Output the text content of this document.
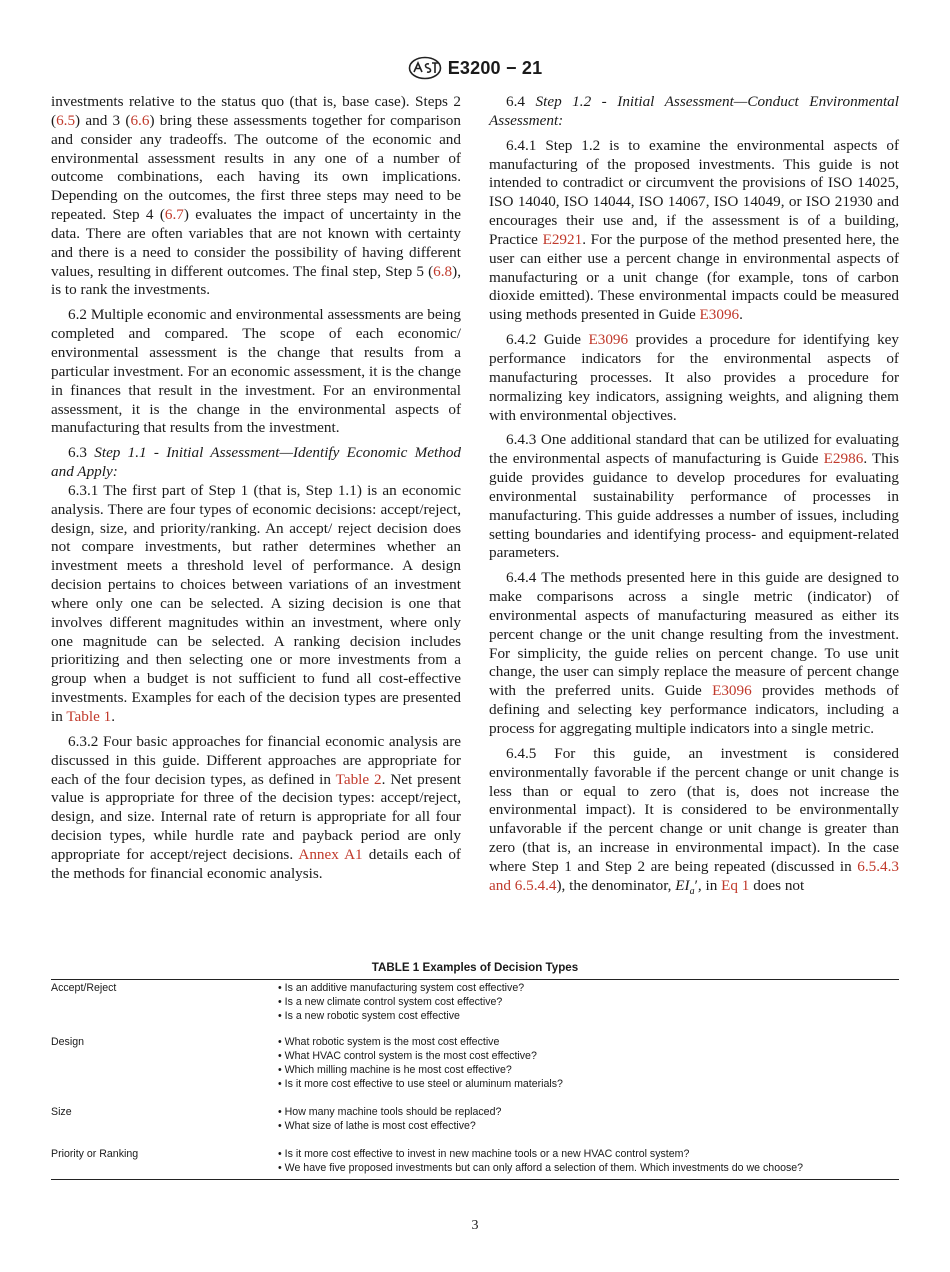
E3200 − 21

investments relative to the status quo (that is, base case). Steps 2 (6.5) and 3 (6.6) bring these assessments together for comparison and consider any tradeoffs. The outcome of the economic and environmental assessment results in any one of a number of outcome combinations, each having its own implications. Depending on the outcomes, the first three steps may need to be repeated. Step 4 (6.7) evaluates the impact of uncertainty in the data. There are often variables that are not known with certainty and there is a need to consider the possibility of having different values, resulting in different outcomes. The final step, Step 5 (6.8), is to rank the investments.

6.2 Multiple economic and environmental assessments are being completed and compared. The scope of each economic/ environmental assessment is the change that results from a particular investment. For an economic assessment, it is the change in finances that result in the investment. For an environmental assessment, it is the change in the environmental aspects of manufacturing that results from the investment.

6.3 Step 1.1 - Initial Assessment—Identify Economic Method and Apply:

6.3.1 The first part of Step 1 (that is, Step 1.1) is an economic analysis. There are four types of economic decisions: accept/reject, design, size, and priority/ranking. An accept/ reject decision does not compare investments, but rather determines whether an investment meets a threshold level of performance. A design decision pertains to choices between variations of an investment where only one can be selected. A sizing decision is one that involves different magnitudes within an investment, where only one magnitude can be selected. A ranking decision includes prioritizing and then selecting one or more investments from a group when a budget is not sufficient to fund all cost-effective investments. Examples for each of the decision types are presented in Table 1.

6.3.2 Four basic approaches for financial economic analysis are discussed in this guide. Different approaches are appropriate for each of the four decision types, as defined in Table 2. Net present value is appropriate for three of the decision types: accept/reject, design, and size. Internal rate of return is appropriate for all four decision types, while hurdle rate and payback period are only appropriate for accept/reject decisions. Annex A1 details each of the methods for financial economic analysis.

6.4 Step 1.2 - Initial Assessment—Conduct Environmental Assessment:

6.4.1 Step 1.2 is to examine the environmental aspects of manufacturing of the proposed investments. This guide is not intended to contradict or circumvent the provisions of ISO 14025, ISO 14040, ISO 14044, ISO 14067, ISO 14049, or ISO 21930 and encourages their use and, if the assessment is of a building, Practice E2921. For the purpose of the method presented here, the user can either use a percent change in environmental aspects of manufacturing or a unit change (for example, tons of carbon dioxide emitted). These environmental impacts could be measured using methods presented in Guide E3096.

6.4.2 Guide E3096 provides a procedure for identifying key performance indicators for the environmental aspects of manufacturing processes. It also provides a procedure for normalizing key indicators, assigning weights, and aligning them with environmental objectives.

6.4.3 One additional standard that can be utilized for evaluating the environmental aspects of manufacturing is Guide E2986. This guide provides guidance to develop procedures for evaluating environmental sustainability performance of processes in manufacturing. This guide addresses a number of issues, including setting boundaries and identifying process- and equipment-related parameters.

6.4.4 The methods presented here in this guide are designed to make comparisons across a single metric (indicator) of environmental aspects of manufacturing measured as either its percent change or the unit change resulting from the investment. For simplicity, the guide relies on percent change. To use unit change, the user can simply replace the measure of percent change with the preferred units. Guide E3096 provides methods of defining and selecting key performance indicators, including a process for aggregating multiple indicators into a single metric.

6.4.5 For this guide, an investment is considered environmentally favorable if the percent change or unit change is less than or equal to zero (that is, does not increase the environmental impact). It is considered to be environmentally unfavorable if the percent change or unit change is greater than zero (that is, an increase in environmental impact). In the case where Step 1 and Step 2 are being repeated (discussed in 6.5.4.3 and 6.5.4.4), the denominator, $EI_a'$, in Eq 1 does not

TABLE 1 Examples of Decision Types
Accept/Reject	• Is an additive manufacturing system cost effective?
• Is a new climate control system cost effective?
• Is a new robotic system cost effective
Design	• What robotic system is the most cost effective
• What HVAC control system is the most cost effective?
• Which milling machine is he most cost effective?
• Is it more cost effective to use steel or aluminum materials?
Size	• How many machine tools should be replaced?
• What size of lathe is most cost effective?
Priority or Ranking	• Is it more cost effective to invest in new machine tools or a new HVAC control system?
• We have five proposed investments but can only afford a selection of them. Which investments do we choose?
3
